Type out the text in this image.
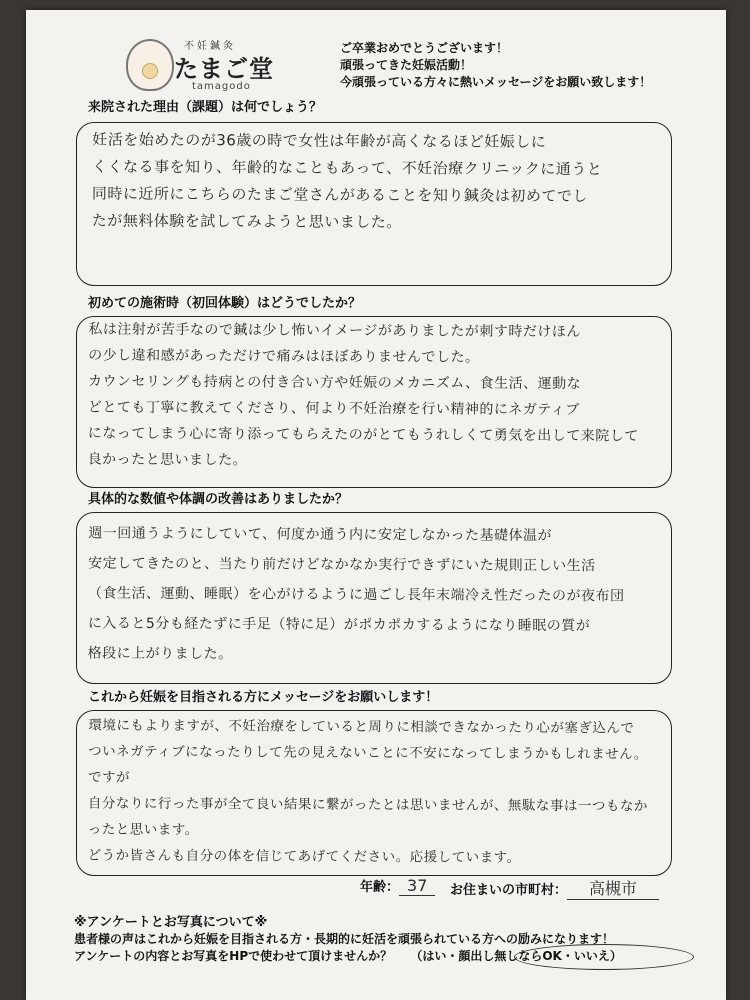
不妊鍼灸
たまご堂
tamagodo
ご卒業おめでとうございます！
頑張ってきた妊娠活動！
今頑張っている方々に熱いメッセージをお願い致します！
来院された理由（課題）は何でしょう？

妊活を始めたのが36歳の時で女性は年齢が高くなるほど妊娠しに

くくなる事を知り、年齢的なこともあって、不妊治療クリニックに通うと

同時に近所にこちらのたまご堂さんがあることを知り鍼灸は初めてでし

たが無料体験を試してみようと思いました。

初めての施術時（初回体験）はどうでしたか？

私は注射が苦手なので鍼は少し怖いイメージがありましたが刺す時だけほん

の少し違和感があっただけで痛みはほぼありませんでした。

カウンセリングも持病との付き合い方や妊娠のメカニズム、食生活、運動な

どとても丁寧に教えてくださり、何より不妊治療を行い精神的にネガティブ

になってしまう心に寄り添ってもらえたのがとてもうれしくて勇気を出して来院して

良かったと思いました。

具体的な数値や体調の改善はありましたか？

週一回通うようにしていて、何度か通う内に安定しなかった基礎体温が

安定してきたのと、当たり前だけどなかなか実行できずにいた規則正しい生活

（食生活、運動、睡眠）を心がけるように過ごし長年末端冷え性だったのが夜布団

に入ると5分も経たずに手足（特に足）がポカポカするようになり睡眠の質が

格段に上がりました。

これから妊娠を目指される方にメッセージをお願いします！

環境にもよりますが、不妊治療をしていると周りに相談できなかったり心が塞ぎ込んで

ついネガティブになったりして先の見えないことに不安になってしまうかもしれません。ですが

自分なりに行った事が全て良い結果に繋がったとは思いませんが、無駄な事は一つもなか

ったと思います。

どうか皆さんも自分の体を信じてあげてください。応援しています。

年齢： 37	お住まいの市町村： 高槻市
※アンケートとお写真について※
患者様の声はこれから妊娠を目指される方・長期的に妊活を頑張られている方への励みになります！
アンケートの内容とお写真をHPで使わせて頂けませんか？ （はい・顔出し無しならOK・いいえ）
